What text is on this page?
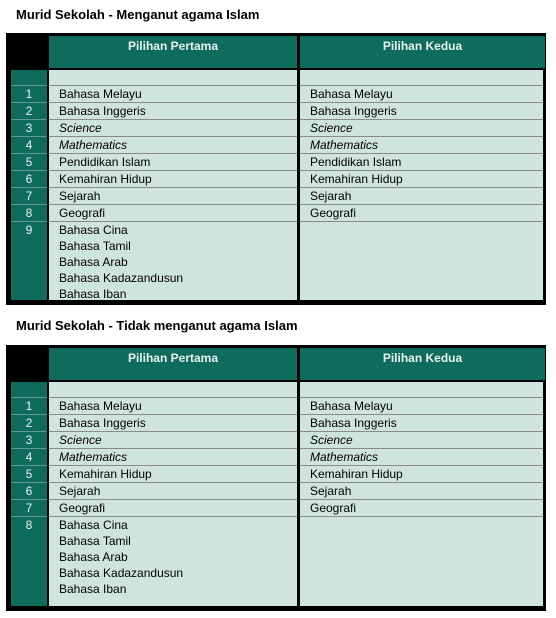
Murid Sekolah - Menganut agama Islam
Pilihan Pertama	Pilihan Kedua
1
2
3
4
5
6
7
8
9
Bahasa Melayu
Bahasa Inggeris
Science
Mathematics
Pendidikan Islam
Kemahiran Hidup
Sejarah
Geografi
Bahasa Cina
Bahasa Tamil
Bahasa Arab
Bahasa Kadazandusun
Bahasa Iban
Bahasa Melayu
Bahasa Inggeris
Science
Mathematics
Pendidikan Islam
Kemahiran Hidup
Sejarah
Geografi
Murid Sekolah - Tidak menganut agama Islam
Pilihan Pertama	Pilihan Kedua
1
2
3
4
5
6
7
8
Bahasa Melayu
Bahasa Inggeris
Science
Mathematics
Kemahiran Hidup
Sejarah
Geografi
Bahasa Cina
Bahasa Tamil
Bahasa Arab
Bahasa Kadazandusun
Bahasa Iban
Bahasa Melayu
Bahasa Inggeris
Science
Mathematics
Kemahiran Hidup
Sejarah
Geografi
